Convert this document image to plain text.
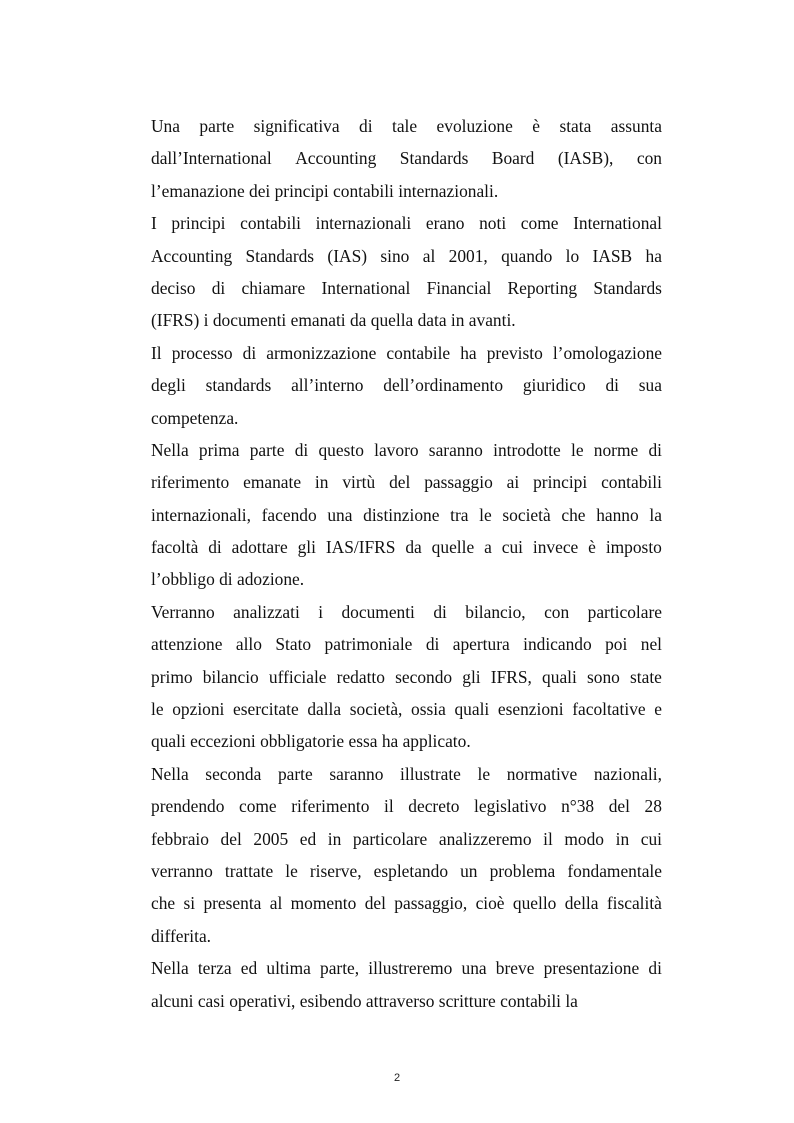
Una parte significativa di tale evoluzione è stata assunta
dall’International Accounting Standards Board (IASB), con
l’emanazione dei principi contabili internazionali.
I principi contabili internazionali erano noti come International
Accounting Standards (IAS) sino al 2001, quando lo IASB ha
deciso di chiamare International Financial Reporting Standards
(IFRS) i documenti emanati da quella data in avanti.
Il processo di armonizzazione contabile ha previsto l’omologazione
degli standards all’interno dell’ordinamento giuridico di sua
competenza.
Nella prima parte di questo lavoro saranno introdotte le norme di
riferimento emanate in virtù del passaggio ai principi contabili
internazionali, facendo una distinzione tra le società che hanno la
facoltà di adottare gli IAS/IFRS da quelle a cui invece è imposto
l’obbligo di adozione.
Verranno analizzati i documenti di bilancio, con particolare
attenzione allo Stato patrimoniale di apertura indicando poi nel
primo bilancio ufficiale redatto secondo gli IFRS, quali sono state
le opzioni esercitate dalla società, ossia quali esenzioni facoltative e
quali eccezioni obbligatorie essa ha applicato.
Nella seconda parte saranno illustrate le normative nazionali,
prendendo come riferimento il decreto legislativo n°38 del 28
febbraio del 2005 ed in particolare analizzeremo il modo in cui
verranno trattate le riserve, espletando un problema fondamentale
che si presenta al momento del passaggio, cioè quello della fiscalità
differita.
Nella terza ed ultima parte, illustreremo una breve presentazione di
alcuni casi operativi, esibendo attraverso scritture contabili la
2
